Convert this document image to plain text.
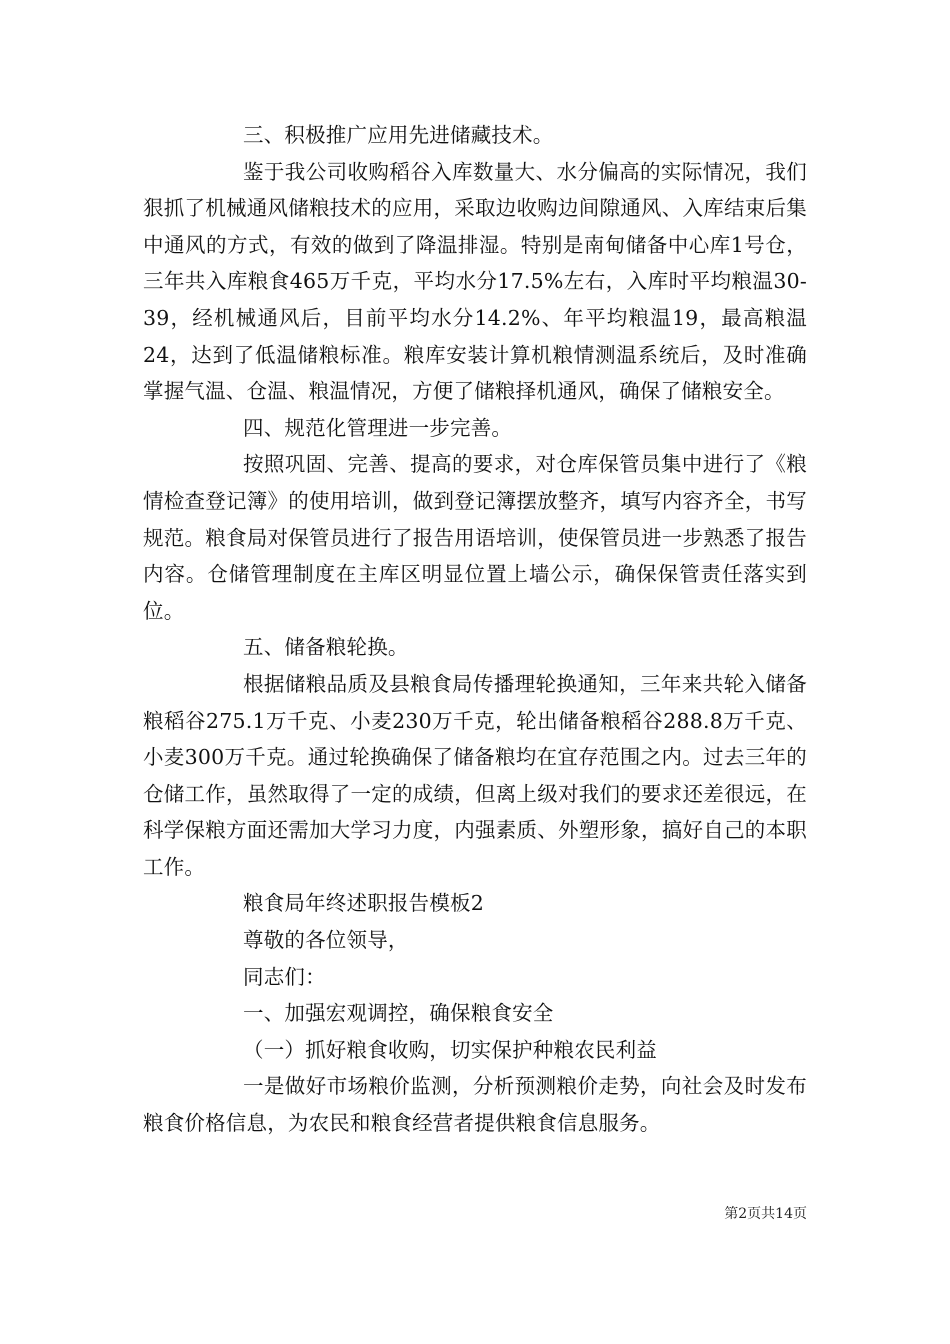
三、积极推广应用先进储藏技术。

鉴于我公司收购稻谷入库数量大、水分偏高的实际情况，我们狠抓了机械通风储粮技术的应用，采取边收购边间隙通风、入库结束后集中通风的方式，有效的做到了降温排湿。特别是南甸储备中心库1号仓，三年共入库粮食465万千克，平均水分17.5%左右，入库时平均粮温30-39，经机械通风后，目前平均水分14.2%、年平均粮温19，最高粮温24，达到了低温储粮标准。粮库安装计算机粮情测温系统后，及时准确掌握气温、仓温、粮温情况，方便了储粮择机通风，确保了储粮安全。

四、规范化管理进一步完善。

按照巩固、完善、提高的要求，对仓库保管员集中进行了《粮情检查登记簿》的使用培训，做到登记簿摆放整齐，填写内容齐全，书写规范。粮食局对保管员进行了报告用语培训，使保管员进一步熟悉了报告内容。仓储管理制度在主库区明显位置上墙公示，确保保管责任落实到位。

五、储备粮轮换。

根据储粮品质及县粮食局传播理轮换通知，三年来共轮入储备粮稻谷275.1万千克、小麦230万千克，轮出储备粮稻谷288.8万千克、小麦300万千克。通过轮换确保了储备粮均在宜存范围之内。过去三年的仓储工作，虽然取得了一定的成绩，但离上级对我们的要求还差很远，在科学保粮方面还需加大学习力度，内强素质、外塑形象，搞好自己的本职工作。

粮食局年终述职报告模板2

尊敬的各位领导，

同志们：

一、加强宏观调控，确保粮食安全

（一）抓好粮食收购，切实保护种粮农民利益

一是做好市场粮价监测，分析预测粮价走势，向社会及时发布粮食价格信息，为农民和粮食经营者提供粮食信息服务。

第2页共14页
